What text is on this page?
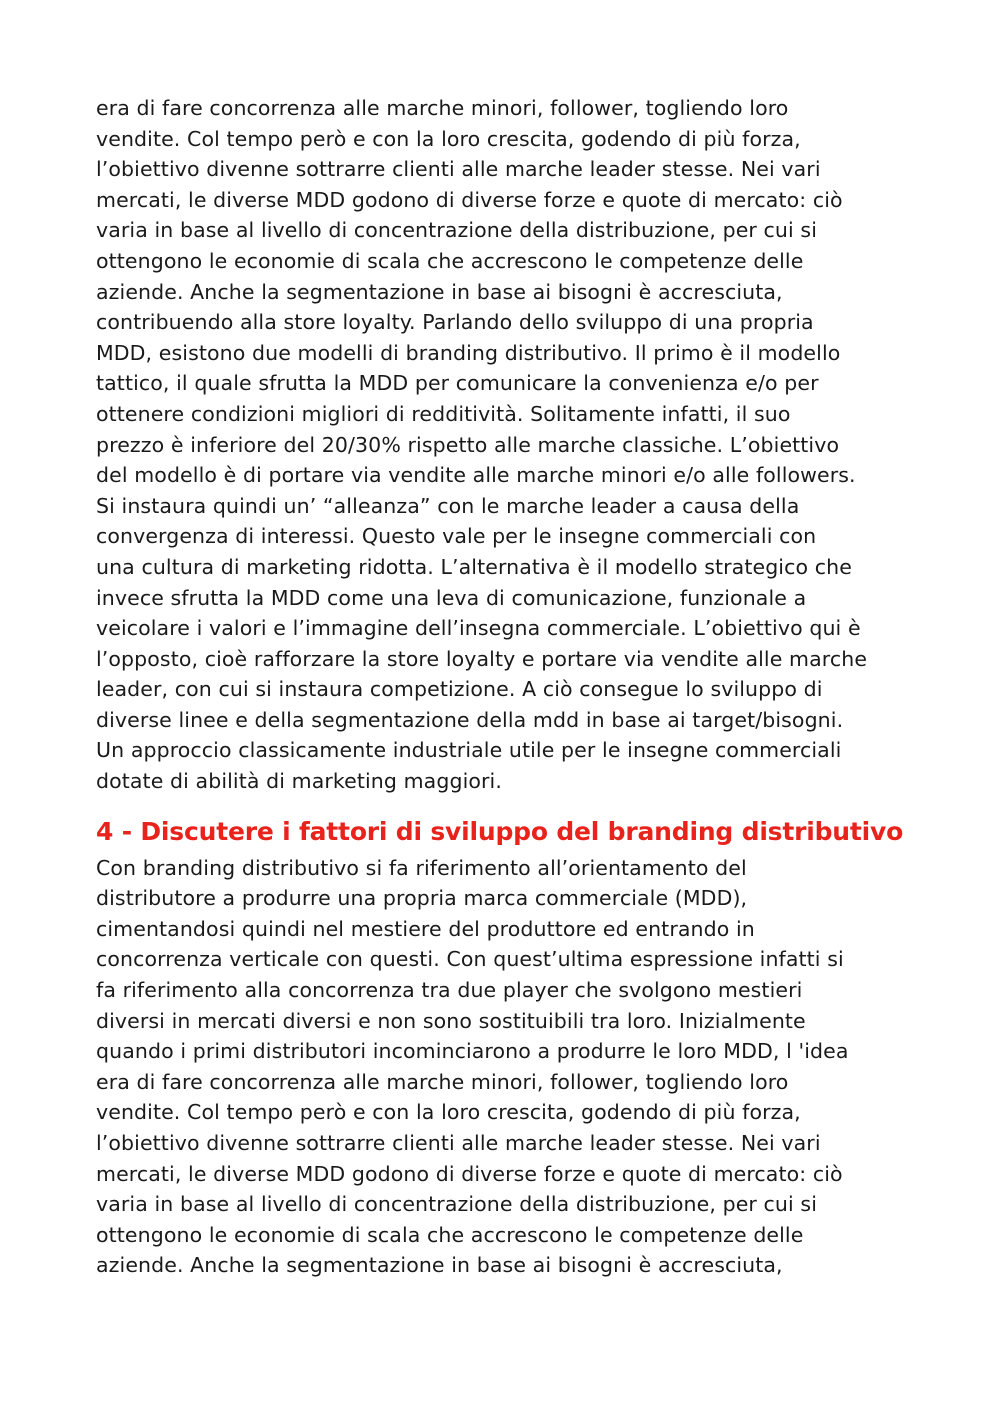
era di fare concorrenza alle marche minori, follower, togliendo loro
vendite. Col tempo però e con la loro crescita, godendo di più forza,
l’obiettivo divenne sottrarre clienti alle marche leader stesse. Nei vari
mercati, le diverse MDD godono di diverse forze e quote di mercato: ciò
varia in base al livello di concentrazione della distribuzione, per cui si
ottengono le economie di scala che accrescono le competenze delle
aziende. Anche la segmentazione in base ai bisogni è accresciuta,
contribuendo alla store loyalty. Parlando dello sviluppo di una propria
MDD, esistono due modelli di branding distributivo. Il primo è il modello
tattico, il quale sfrutta la MDD per comunicare la convenienza e/o per
ottenere condizioni migliori di redditività. Solitamente infatti, il suo
prezzo è inferiore del 20/30% rispetto alle marche classiche. L’obiettivo
del modello è di portare via vendite alle marche minori e/o alle followers.
Si instaura quindi un’ “alleanza” con le marche leader a causa della
convergenza di interessi. Questo vale per le insegne commerciali con
una cultura di marketing ridotta. L’alternativa è il modello strategico che
invece sfrutta la MDD come una leva di comunicazione, funzionale a
veicolare i valori e l’immagine dell’insegna commerciale. L’obiettivo qui è
l’opposto, cioè rafforzare la store loyalty e portare via vendite alle marche
leader, con cui si instaura competizione. A ciò consegue lo sviluppo di
diverse linee e della segmentazione della mdd in base ai target/bisogni.
Un approccio classicamente industriale utile per le insegne commerciali
dotate di abilità di marketing maggiori.
4 - Discutere i fattori di sviluppo del branding distributivo
Con branding distributivo si fa riferimento all’orientamento del
distributore a produrre una propria marca commerciale (MDD),
cimentandosi quindi nel mestiere del produttore ed entrando in
concorrenza verticale con questi. Con quest’ultima espressione infatti si
fa riferimento alla concorrenza tra due player che svolgono mestieri
diversi in mercati diversi e non sono sostituibili tra loro. Inizialmente
quando i primi distributori incominciarono a produrre le loro MDD, l 'idea
era di fare concorrenza alle marche minori, follower, togliendo loro
vendite. Col tempo però e con la loro crescita, godendo di più forza,
l’obiettivo divenne sottrarre clienti alle marche leader stesse. Nei vari
mercati, le diverse MDD godono di diverse forze e quote di mercato: ciò
varia in base al livello di concentrazione della distribuzione, per cui si
ottengono le economie di scala che accrescono le competenze delle
aziende. Anche la segmentazione in base ai bisogni è accresciuta,
